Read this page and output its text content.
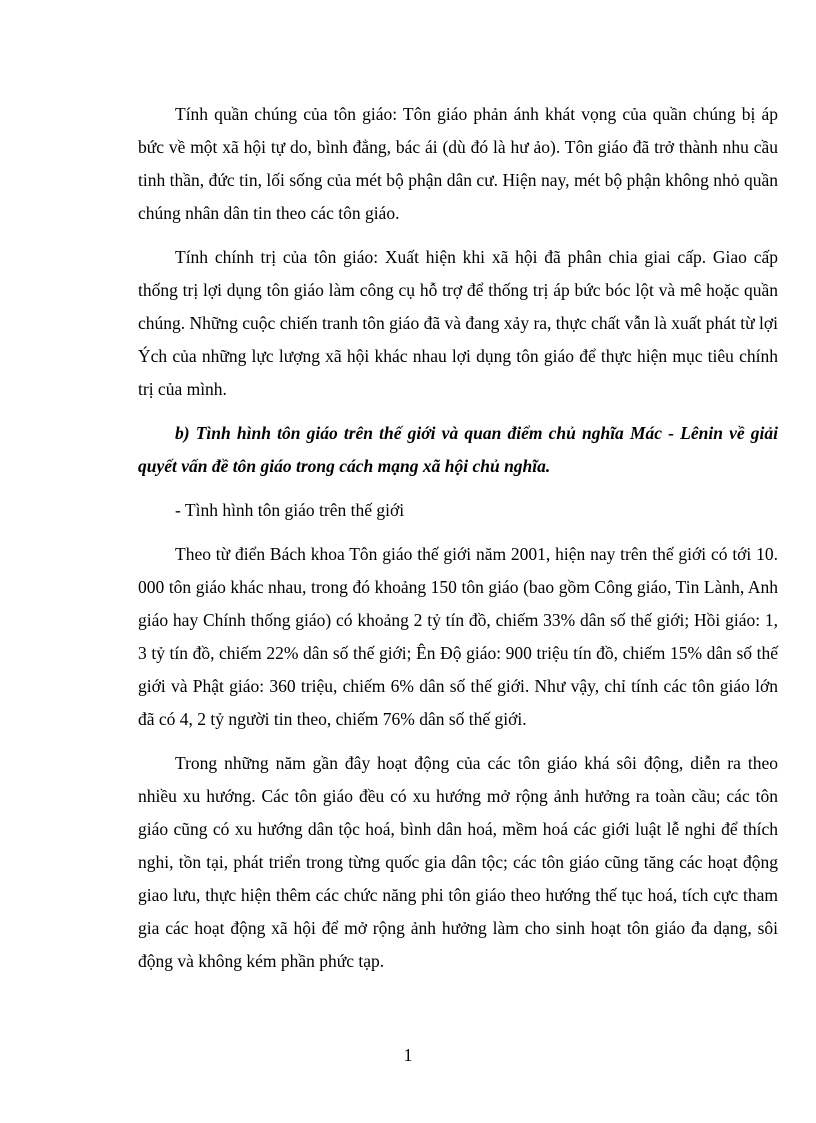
Tính quần chúng của tôn giáo: Tôn giáo phản ánh khát vọng của quần chúng bị áp bức về một xã hội tự do, bình đẳng, bác ái (dù đó là hư ảo). Tôn giáo đã trở thành nhu cầu tinh thần, đức tin, lối sống của mét bộ phận dân cư. Hiện nay, mét bộ phận không nhỏ quần chúng nhân dân tin theo các tôn giáo.

Tính chính trị của tôn giáo: Xuất hiện khi xã hội đã phân chia giai cấp. Giao cấp thống trị lợi dụng tôn giáo làm công cụ hỗ trợ để thống trị áp bức bóc lột và mê hoặc quần chúng. Những cuộc chiến tranh tôn giáo đã và đang xảy ra, thực chất vẫn là xuất phát từ lợi Ých của những lực lượng xã hội khác nhau lợi dụng tôn giáo để thực hiện mục tiêu chính trị của mình.

b) Tình hình tôn giáo trên thế giới và quan điểm chủ nghĩa Mác - Lênin về giải quyết vấn đề tôn giáo trong cách mạng xã hội chủ nghĩa.

- Tình hình tôn giáo trên thế giới

Theo từ điển Bách khoa Tôn giáo thế giới năm 2001, hiện nay trên thế giới có tới 10. 000 tôn giáo khác nhau, trong đó khoảng 150 tôn giáo (bao gồm Công giáo, Tin Lành, Anh giáo hay Chính thống giáo) có khoảng 2 tỷ tín đồ, chiếm 33% dân số thế giới; Hồi giáo: 1, 3 tỷ tín đồ, chiếm 22% dân số thế giới; Ên Độ giáo: 900 triệu tín đồ, chiếm 15% dân số thế giới và Phật giáo: 360 triệu, chiếm 6% dân số thế giới. Như vậy, chỉ tính các tôn giáo lớn đã có 4, 2 tỷ người tin theo, chiếm 76% dân số thế giới.

Trong những năm gần đây hoạt động của các tôn giáo khá sôi động, diễn ra theo nhiều xu hướng. Các tôn giáo đều có xu hướng mở rộng ảnh hưởng ra toàn cầu; các tôn giáo cũng có xu hướng dân tộc hoá, bình dân hoá, mềm hoá các giới luật lễ nghi để thích nghi, tồn tại, phát triển trong từng quốc gia dân tộc; các tôn giáo cũng tăng các hoạt động giao lưu, thực hiện thêm các chức năng phi tôn giáo theo hướng thế tục hoá, tích cực tham gia các hoạt động xã hội để mở rộng ảnh hưởng làm cho sinh hoạt tôn giáo đa dạng, sôi động và không kém phần phức tạp.

1
